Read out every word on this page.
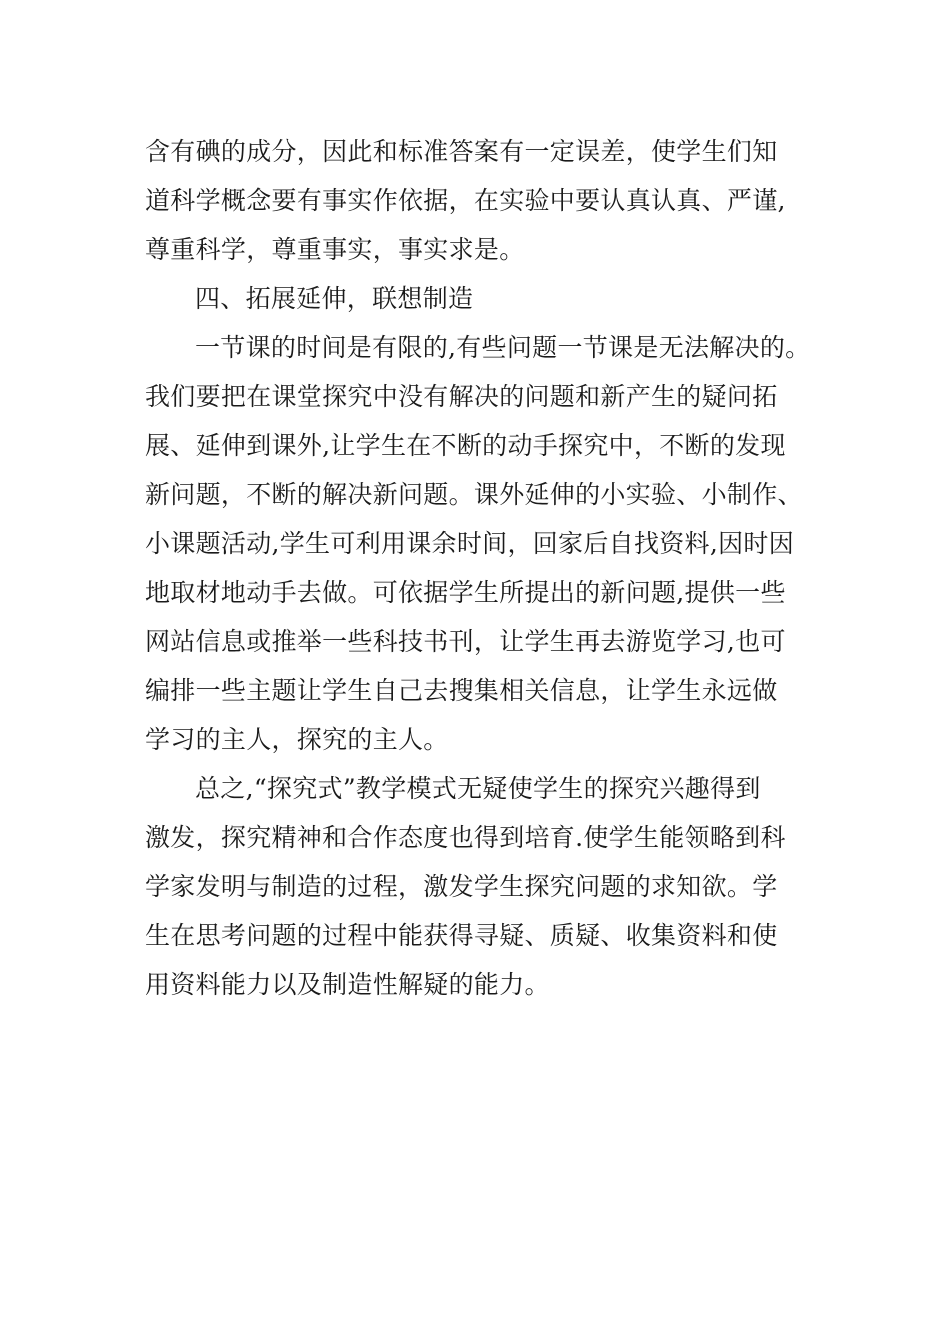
含有碘的成分，因此和标准答案有一定误差，使学生们知
道科学概念要有事实作依据，在实验中要认真认真、严谨,
尊重科学，尊重事实，事实求是。
四、拓展延伸，联想制造
一节课的时间是有限的,有些问题一节课是无法解决的。
我们要把在课堂探究中没有解决的问题和新产生的疑问拓
展、延伸到课外,让学生在不断的动手探究中，不断的发现
新问题，不断的解决新问题。课外延伸的小实验、小制作、
小课题活动,学生可利用课余时间，回家后自找资料,因时因
地取材地动手去做。可依据学生所提出的新问题,提供一些
网站信息或推举一些科技书刊，让学生再去游览学习,也可
编排一些主题让学生自己去搜集相关信息，让学生永远做
学习的主人，探究的主人。
总之,“探究式”教学模式无疑使学生的探究兴趣得到
激发，探究精神和合作态度也得到培育.使学生能领略到科
学家发明与制造的过程，激发学生探究问题的求知欲。学
生在思考问题的过程中能获得寻疑、质疑、收集资料和使
用资料能力以及制造性解疑的能力。
